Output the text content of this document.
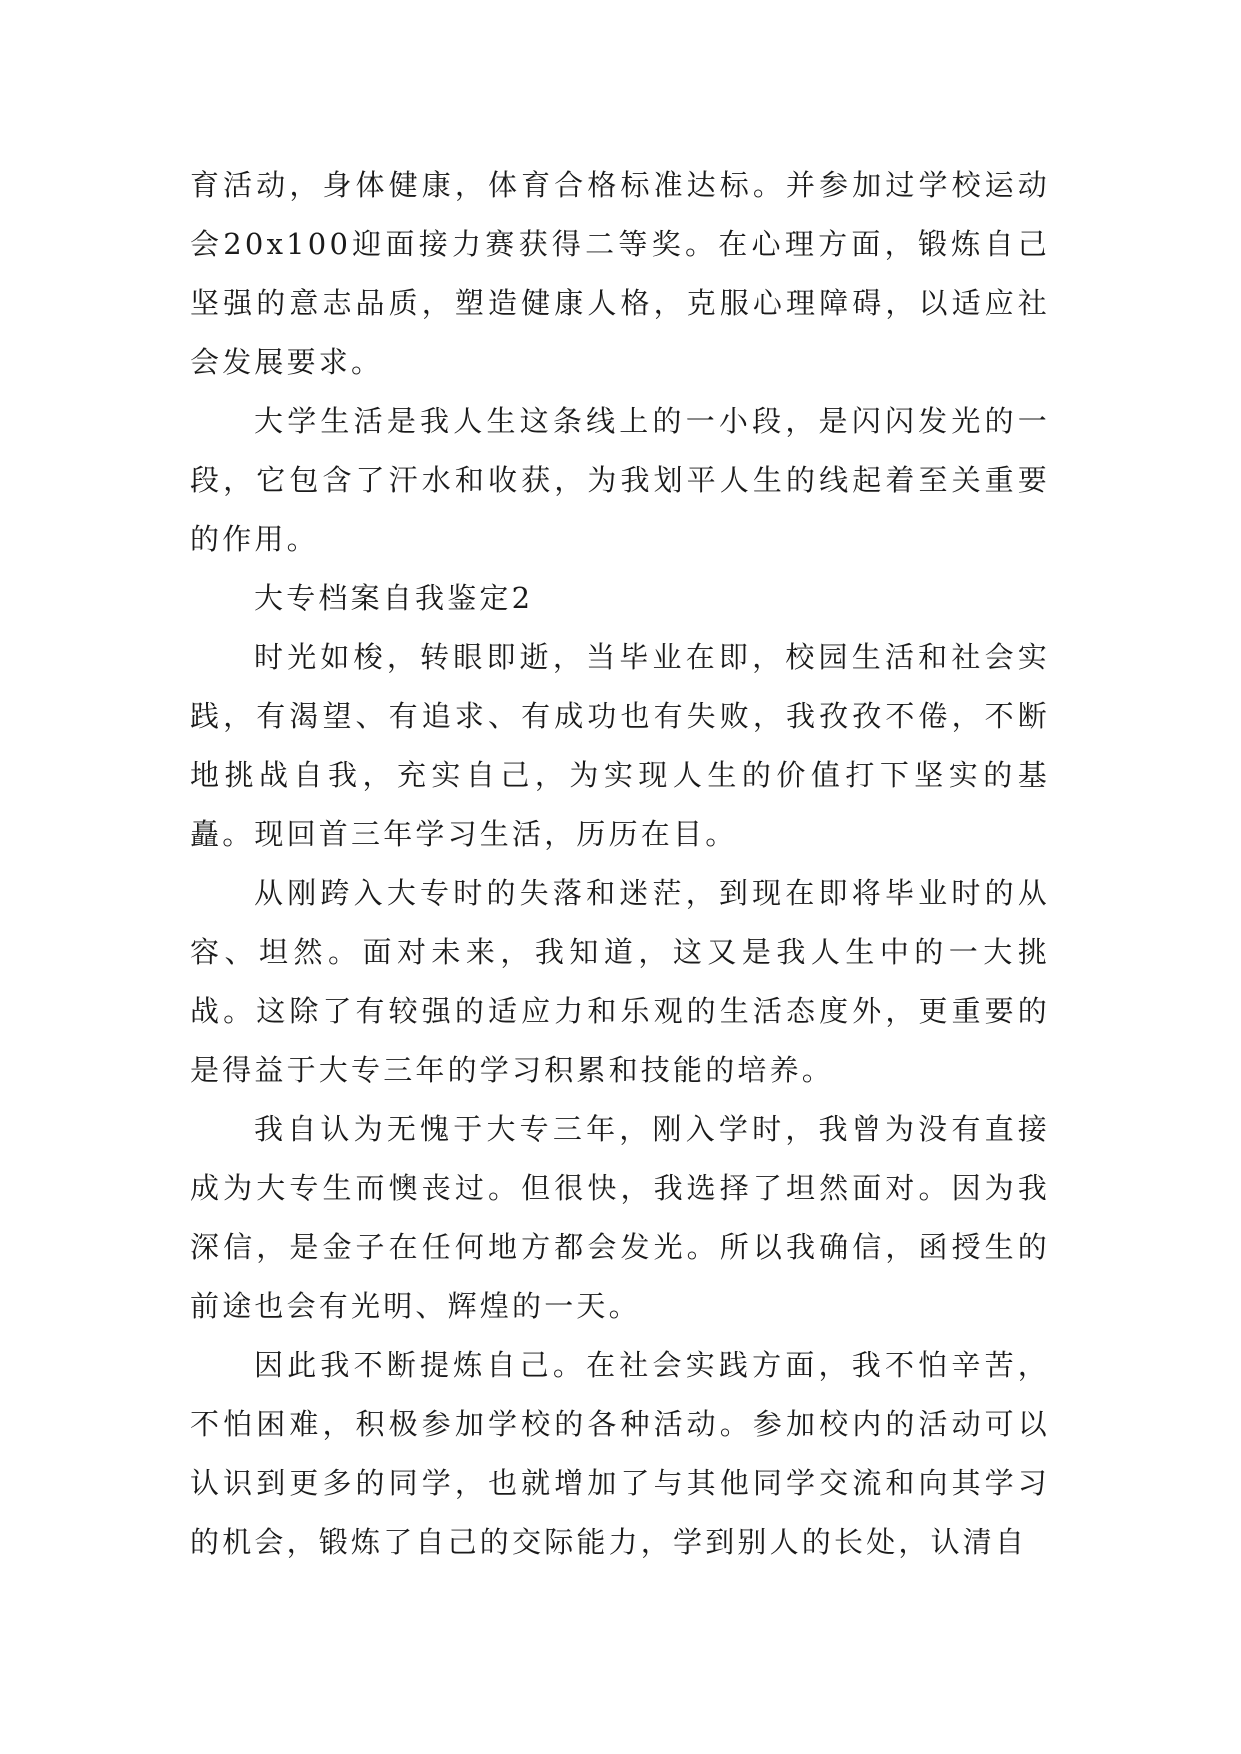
育活动，身体健康，体育合格标准达标。并参加过学校运动会20x100迎面接力赛获得二等奖。在心理方面，锻炼自己坚强的意志品质，塑造健康人格，克服心理障碍，以适应社会发展要求。

大学生活是我人生这条线上的一小段，是闪闪发光的一段，它包含了汗水和收获，为我划平人生的线起着至关重要的作用。

大专档案自我鉴定2

时光如梭，转眼即逝，当毕业在即，校园生活和社会实践，有渴望、有追求、有成功也有失败，我孜孜不倦，不断地挑战自我，充实自己，为实现人生的价值打下坚实的基矗。现回首三年学习生活，历历在目。

从刚跨入大专时的失落和迷茫，到现在即将毕业时的从容、坦然。面对未来，我知道，这又是我人生中的一大挑战。这除了有较强的适应力和乐观的生活态度外，更重要的是得益于大专三年的学习积累和技能的培养。

我自认为无愧于大专三年，刚入学时，我曾为没有直接成为大专生而懊丧过。但很快，我选择了坦然面对。因为我深信，是金子在任何地方都会发光。所以我确信，函授生的前途也会有光明、辉煌的一天。

因此我不断提炼自己。在社会实践方面，我不怕辛苦，不怕困难，积极参加学校的各种活动。参加校内的活动可以认识到更多的同学，也就增加了与其他同学交流和向其学习的机会，锻炼了自己的交际能力，学到别人的长处，认清自
